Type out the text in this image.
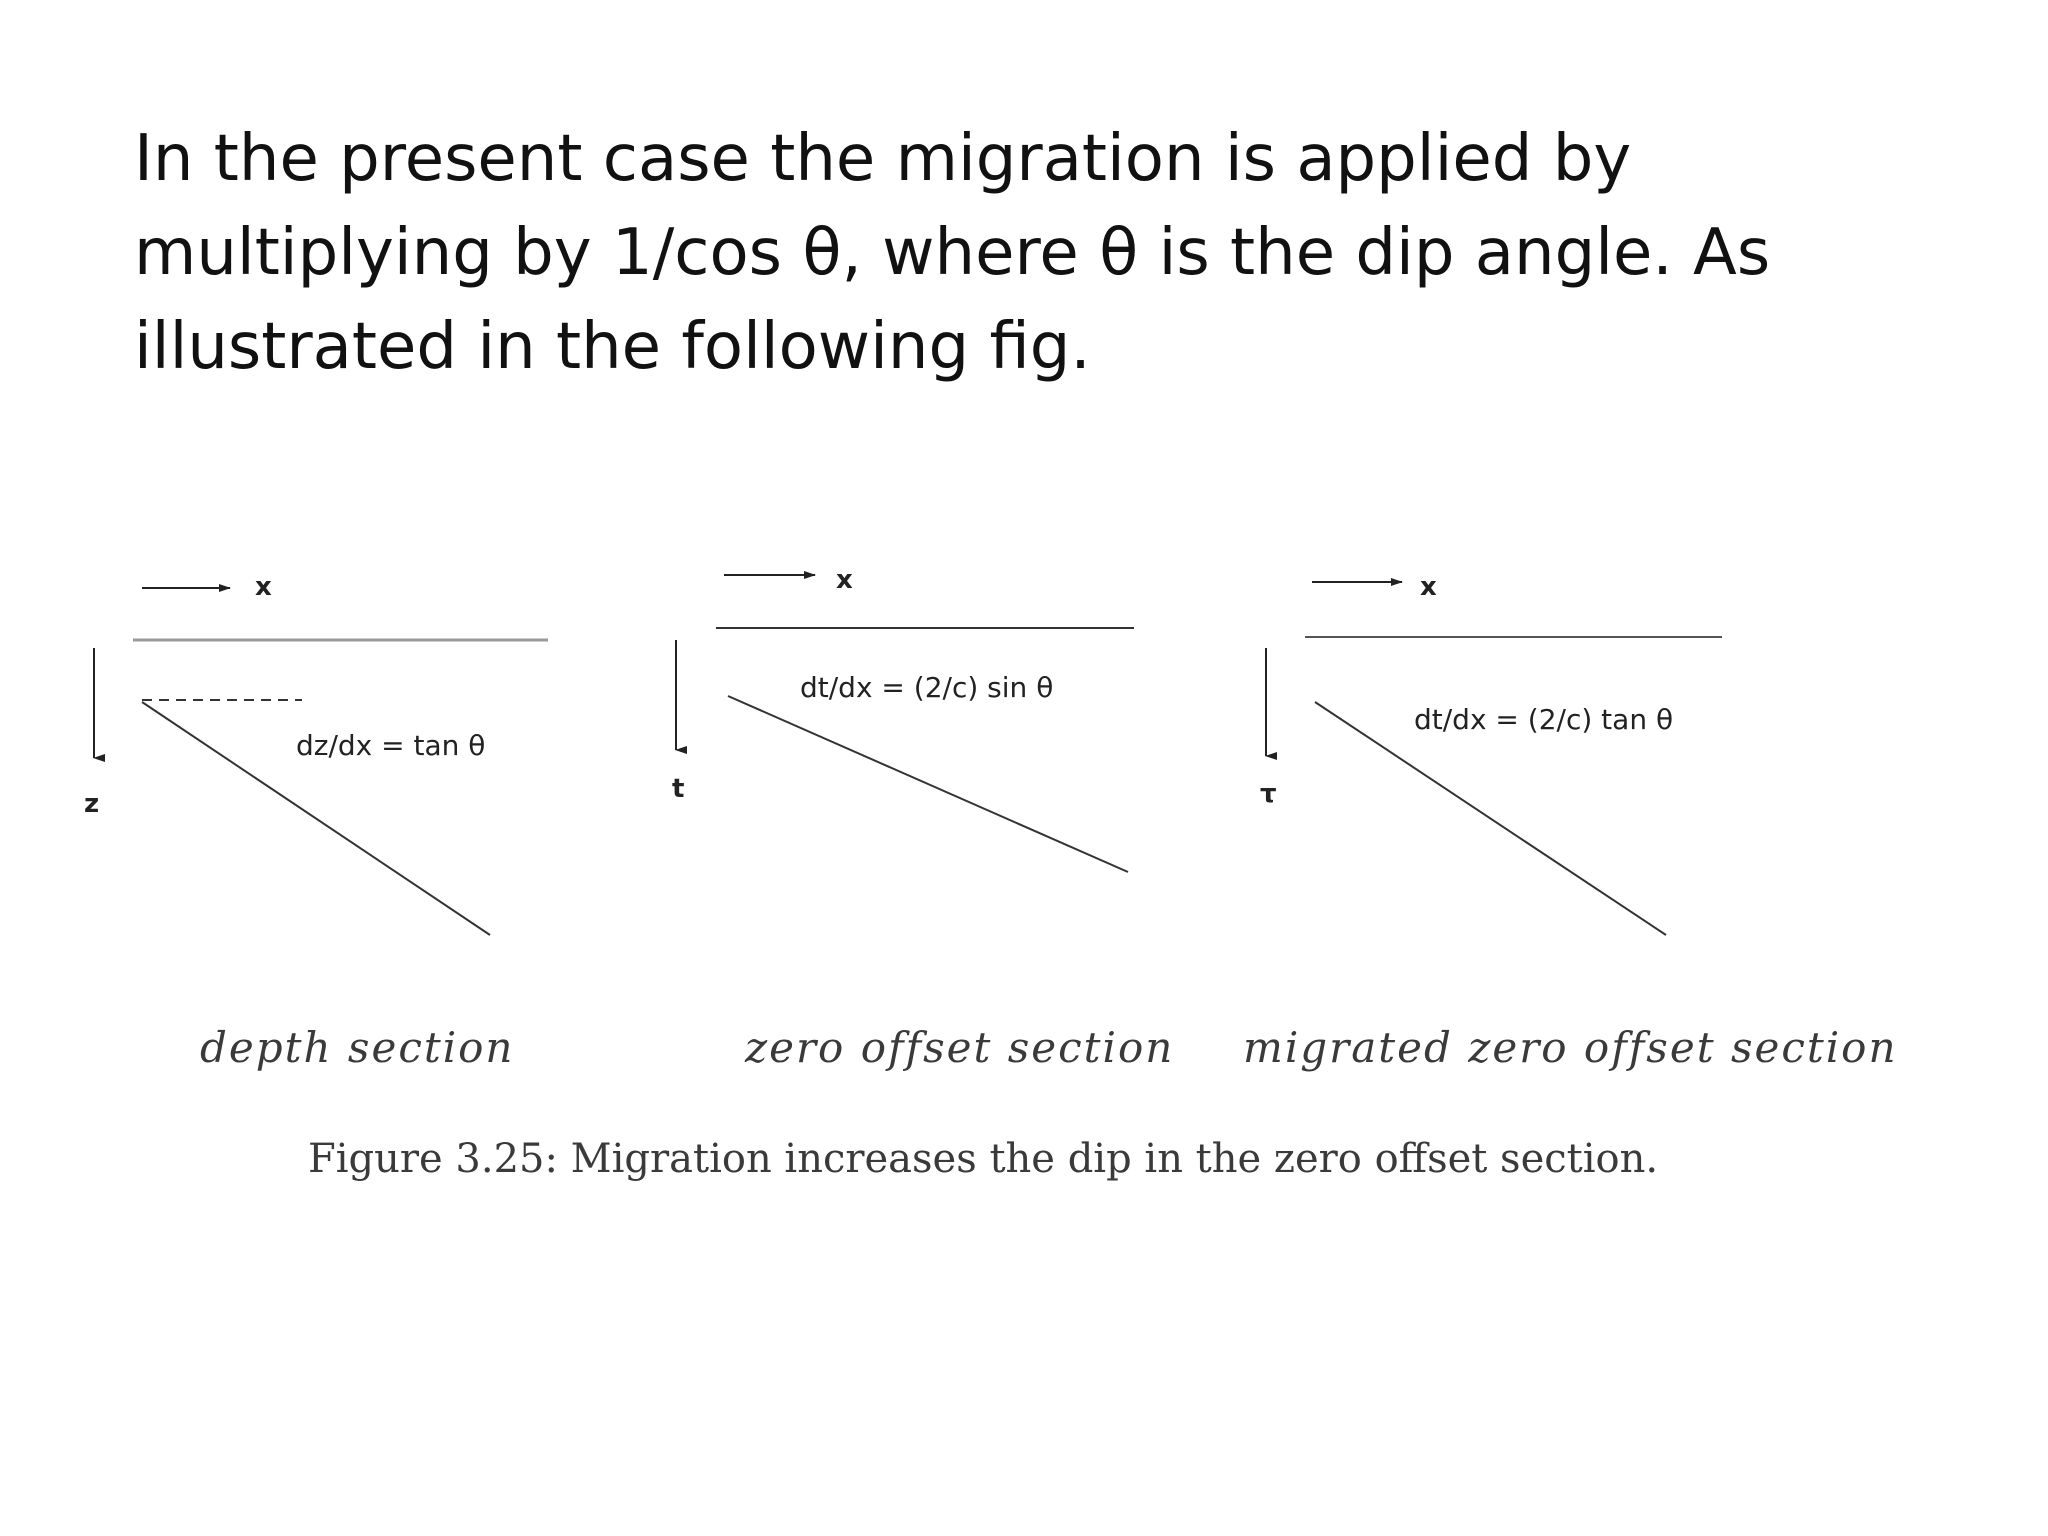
In the present case the migration is applied by
multiplying by 1/cos θ, where θ is the dip angle. As
illustrated in the following fig.
x
z
dz/dx = tan θ
depth section
x
t
dt/dx = (2/c) sin θ
zero offset section
x
τ
dt/dx = (2/c) tan θ
migrated zero offset section
Figure 3.25: Migration increases the dip in the zero offset section.
